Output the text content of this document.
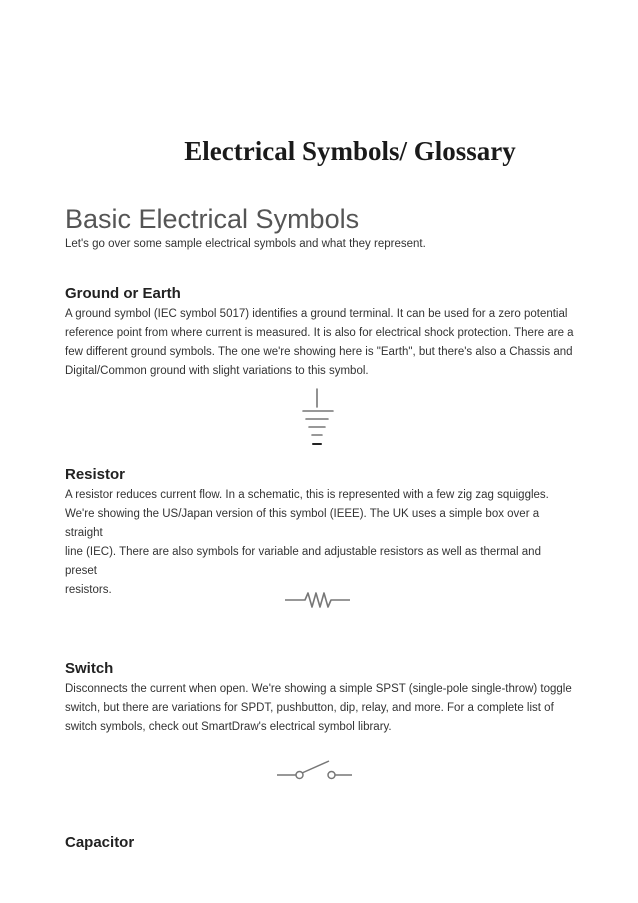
Electrical Symbols/ Glossary
Basic Electrical Symbols

Let's go over some sample electrical symbols and what they represent.

Ground or Earth
A ground symbol (IEC symbol 5017) identifies a ground terminal. It can be used for a zero potential
reference point from where current is measured. It is also for electrical shock protection. There are a
few different ground symbols. The one we're showing here is "Earth", but there's also a Chassis and
Digital/Common ground with slight variations to this symbol.
Resistor
A resistor reduces current flow. In a schematic, this is represented with a few zig zag squiggles.
We're showing the US/Japan version of this symbol (IEEE). The UK uses a simple box over a straight
line (IEC). There are also symbols for variable and adjustable resistors as well as thermal and preset
resistors.
Switch
Disconnects the current when open. We're showing a simple SPST (single-pole single-throw) toggle
switch, but there are variations for SPDT, pushbutton, dip, relay, and more. For a complete list of
switch symbols, check out SmartDraw's electrical symbol library.
Capacitor
